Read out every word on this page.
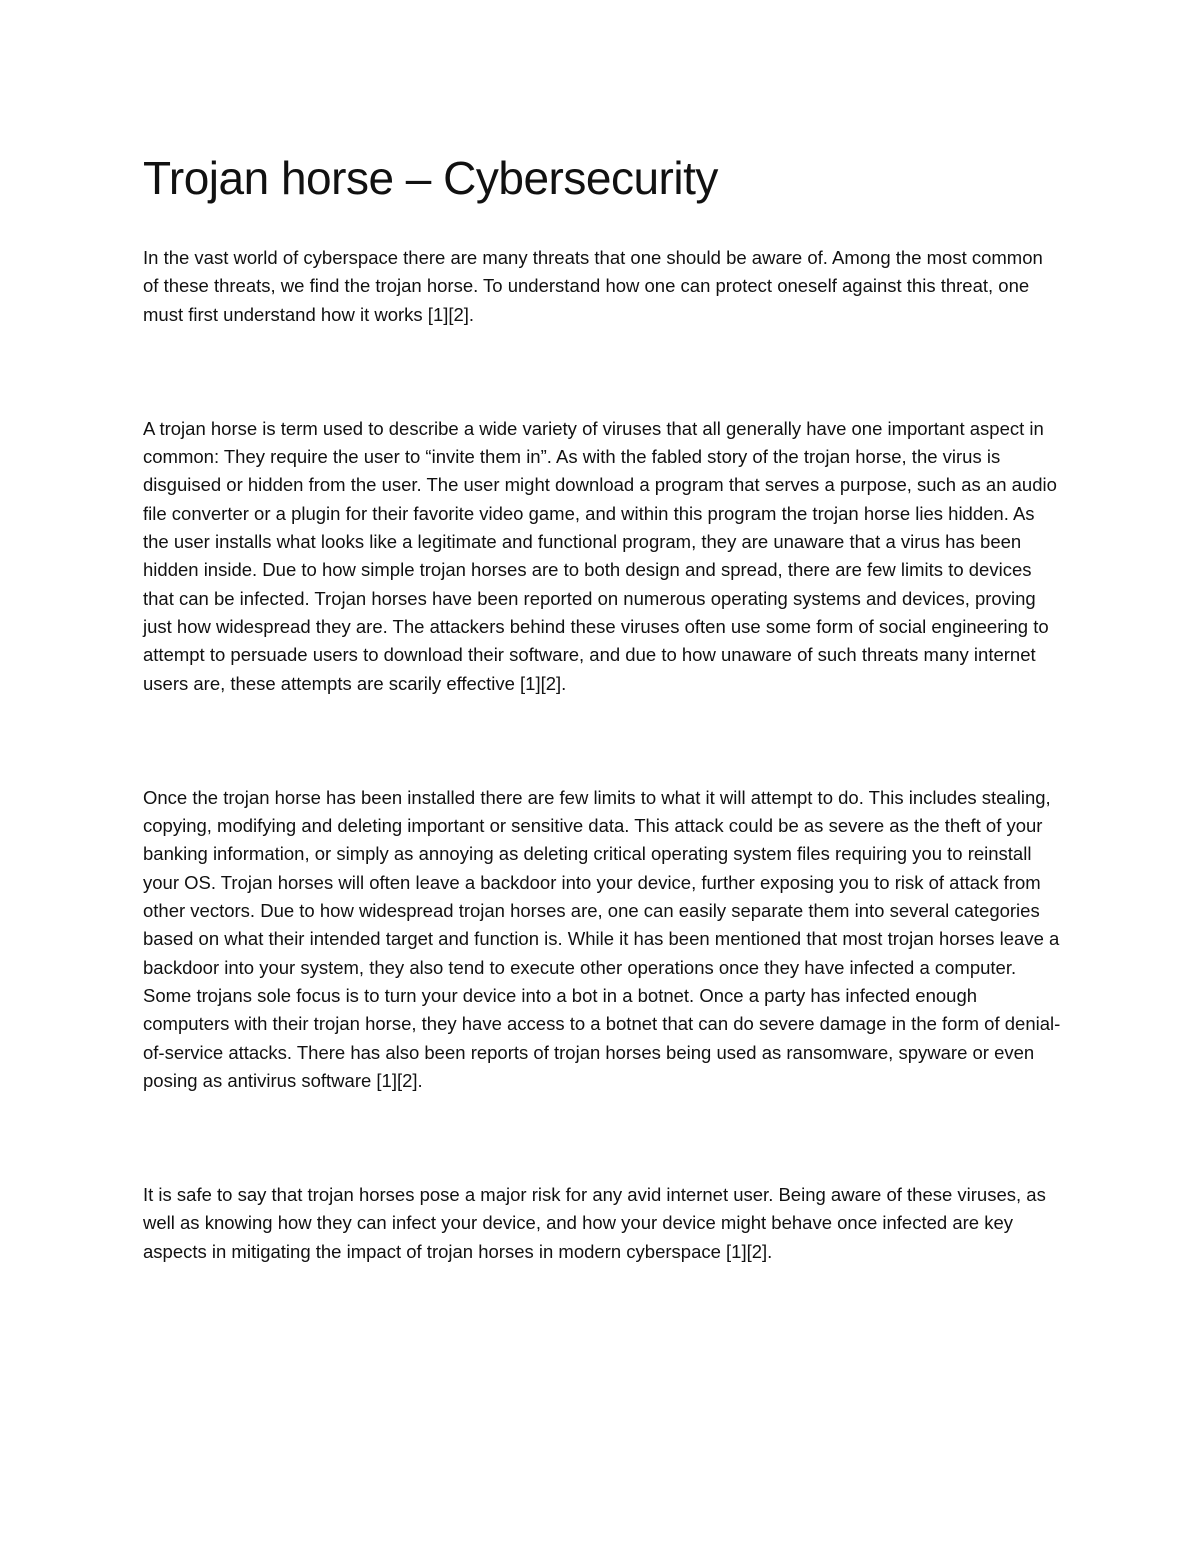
Trojan horse – Cybersecurity

In the vast world of cyberspace there are many threats that one should be aware of. Among the most common of these threats, we find the trojan horse. To understand how one can protect oneself against this threat, one must first understand how it works [1][2].

A trojan horse is term used to describe a wide variety of viruses that all generally have one important aspect in common: They require the user to “invite them in”. As with the fabled story of the trojan horse, the virus is disguised or hidden from the user. The user might download a program that serves a purpose, such as an audio file converter or a plugin for their favorite video game, and within this program the trojan horse lies hidden. As the user installs what looks like a legitimate and functional program, they are unaware that a virus has been hidden inside. Due to how simple trojan horses are to both design and spread, there are few limits to devices that can be infected. Trojan horses have been reported on numerous operating systems and devices, proving just how widespread they are. The attackers behind these viruses often use some form of social engineering to attempt to persuade users to download their software, and due to how unaware of such threats many internet users are, these attempts are scarily effective [1][2].

Once the trojan horse has been installed there are few limits to what it will attempt to do. This includes stealing, copying, modifying and deleting important or sensitive data. This attack could be as severe as the theft of your banking information, or simply as annoying as deleting critical operating system files requiring you to reinstall your OS. Trojan horses will often leave a backdoor into your device, further exposing you to risk of attack from other vectors. Due to how widespread trojan horses are, one can easily separate them into several categories based on what their intended target and function is. While it has been mentioned that most trojan horses leave a backdoor into your system, they also tend to execute other operations once they have infected a computer. Some trojans sole focus is to turn your device into a bot in a botnet. Once a party has infected enough computers with their trojan horse, they have access to a botnet that can do severe damage in the form of denial-of-service attacks. There has also been reports of trojan horses being used as ransomware, spyware or even posing as antivirus software [1][2].

It is safe to say that trojan horses pose a major risk for any avid internet user. Being aware of these viruses, as well as knowing how they can infect your device, and how your device might behave once infected are key aspects in mitigating the impact of trojan horses in modern cyberspace [1][2].
